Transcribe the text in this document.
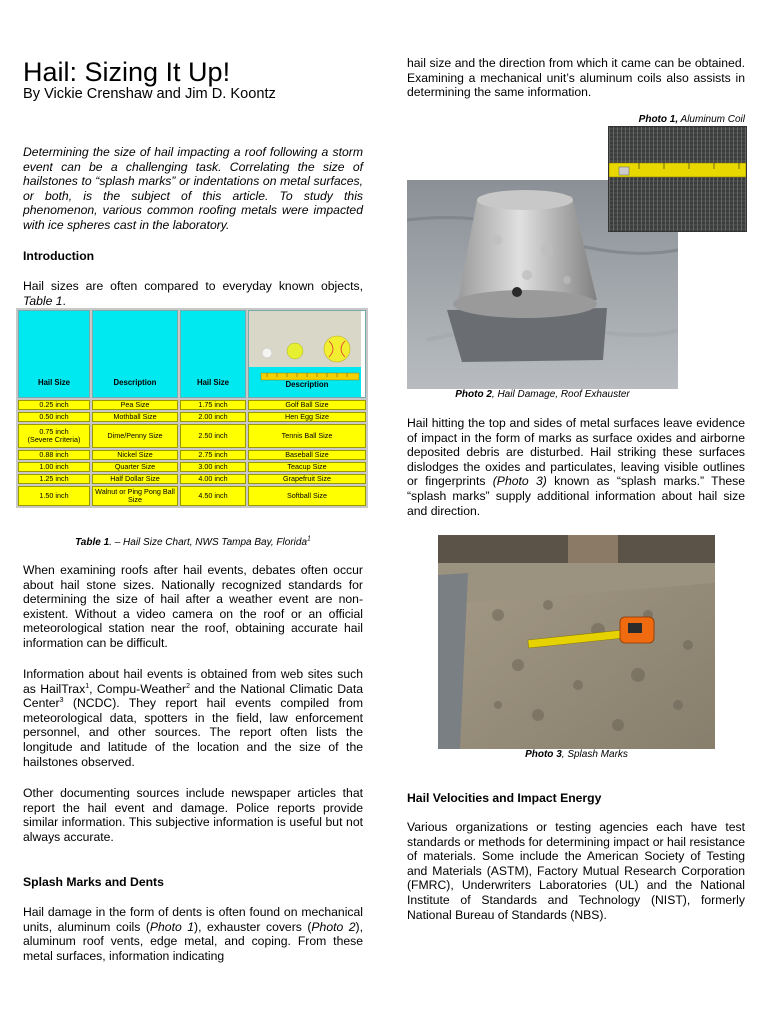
Hail: Sizing It Up!
By Vickie Crenshaw and Jim D. Koontz

Determining the size of hail impacting a roof following a storm event can be a challenging task. Correlating the size of hailstones to “splash marks” or indentations on metal surfaces, or both, is the subject of this article. To study this phenomenon, various common roofing metals were impacted with ice spheres cast in the laboratory.

Introduction

Hail sizes are often compared to everyday known objects, Table 1.

Hail Size	Description	Hail Size	Description

0.25 inch	Pea Size	1.75 inch	Golf Ball Size
0.50 inch	Mothball Size	2.00 inch	Hen Egg Size
0.75 inch
(Severe Criteria)	Dime/Penny Size	2.50 inch	Tennis Ball Size
0.88 inch	Nickel Size	2.75 inch	Baseball Size
1.00 inch	Quarter Size	3.00 inch	Teacup Size
1.25 inch	Half Dollar Size	4.00 inch	Grapefruit Size
1.50 inch	Walnut or Ping Pong Ball Size	4.50 inch	Softball Size
Table 1. – Hail Size Chart, NWS Tampa Bay, Florida$^1$

When examining roofs after hail events, debates often occur about hail stone sizes. Nationally recognized standards for determining the size of hail after a weather event are non-existent. Without a video camera on the roof or an official meteorological station near the roof, obtaining accurate hail information can be difficult.

Information about hail events is obtained from web sites such as HailTrax$^1$, Compu-Weather$^2$ and the National Climatic Data Center$^3$ (NCDC). They report hail events compiled from meteorological data, spotters in the field, law enforcement personnel, and other sources. The report often lists the longitude and latitude of the location and the size of the hailstones observed.

Other documenting sources include newspaper articles that report the hail event and damage. Police reports provide similar information. This subjective information is useful but not always accurate.

Splash Marks and Dents

Hail damage in the form of dents is often found on mechanical units, aluminum coils (Photo 1), exhauster covers (Photo 2), aluminum roof vents, edge metal, and coping. From these metal surfaces, information indicating

hail size and the direction from which it came can be obtained. Examining a mechanical unit’s aluminum coils also assists in determining the same information.

Photo 1, Aluminum Coil
Photo 2, Hail Damage, Roof Exhauster

Hail hitting the top and sides of metal surfaces leave evidence of impact in the form of marks as surface oxides and airborne deposited debris are disturbed. Hail striking these surfaces dislodges the oxides and particulates, leaving visible outlines or fingerprints (Photo 3) known as “splash marks.” These “splash marks” supply additional information about hail size and direction.

Photo 3, Splash Marks
Hail Velocities and Impact Energy

Various organizations or testing agencies each have test standards or methods for determining impact or hail resistance of materials. Some include the American Society of Testing and Materials (ASTM), Factory Mutual Research Corporation (FMRC), Underwriters Laboratories (UL) and the National Institute of Standards and Technology (NIST), formerly National Bureau of Standards (NBS).
